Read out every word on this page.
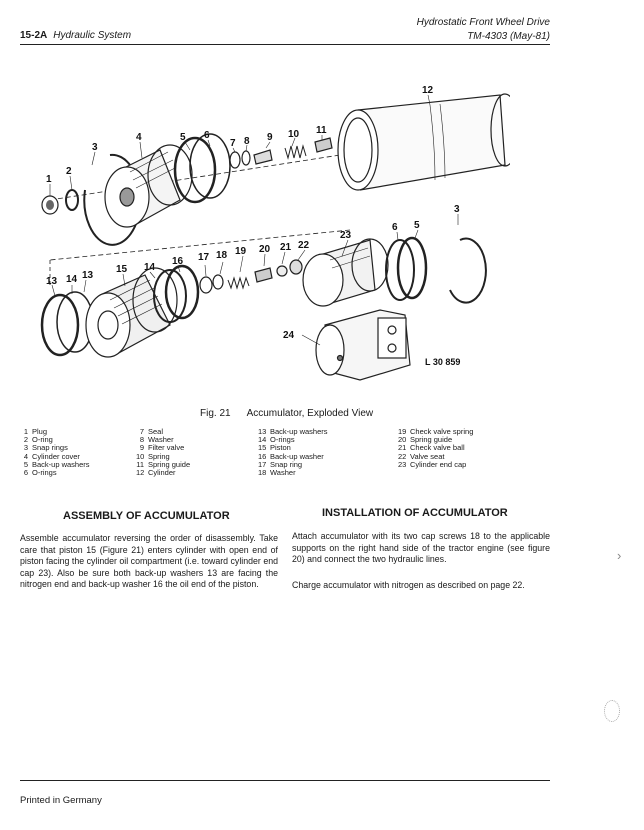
15-2A Hydraulic System
Hydrostatic Front Wheel Drive
TM-4303 (May-81)
1
2
3
4	5 6
7 8 9 10 11
12
13 14 13
15 14
16 17 18 19 20 21 22
23
6 5
3
24
L 30 859
Fig. 21 Accumulator, Exploded View
1 Plug
2 O-ring
3 Snap rings
4 Cylinder cover
5 Back-up washers
6 O-rings
7 Seal
8 Washer
9 Filter valve
10 Spring
11 Spring guide
12 Cylinder
13 Back-up washers
14 O-rings
15 Piston
16 Back-up washer
17 Snap ring
18 Washer
19 Check valve spring
20 Spring guide
21 Check valve ball
22 Valve seat
23 Cylinder end cap
ASSEMBLY OF ACCUMULATOR
Assemble accumulator reversing the order of disassembly. Take care that piston 15 (Figure 21) enters cylinder with open end of piston facing the cylinder oil compartment (i.e. toward cylinder end cap 23). Also be sure both back-up washers 13 are facing the nitrogen end and back-up washer 16 the oil end of the piston.
INSTALLATION OF ACCUMULATOR
Attach accumulator with its two cap screws 18 to the applicable supports on the right hand side of the tractor engine (see figure 20) and connect the two hydraulic lines.
Charge accumulator with nitrogen as described on page 22.
›
Printed in Germany
